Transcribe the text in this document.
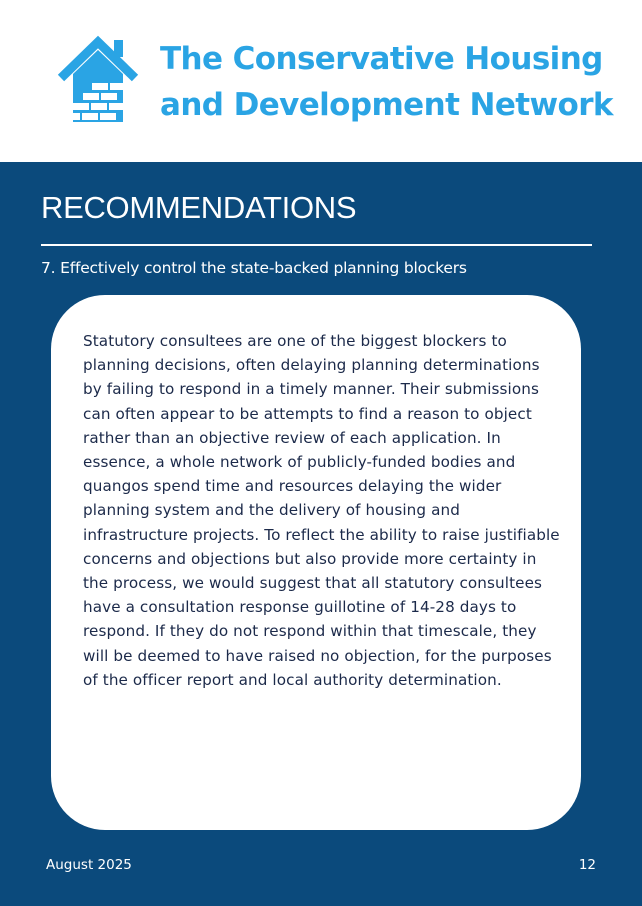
The Conservative Housing
and Development Network
RECOMMENDATIONS
7. Effectively control the state-backed planning blockers
Statutory consultees are one of the biggest blockers to planning decisions, often delaying planning determinations by failing to respond in a timely manner. Their submissions can often appear to be attempts to find a reason to object rather than an objective review of each application. In essence, a whole network of publicly-funded bodies and quangos spend time and resources delaying the wider planning system and the delivery of housing and infrastructure projects. To reflect the ability to raise justifiable concerns and objections but also provide more certainty in the process, we would suggest that all statutory consultees have a consultation response guillotine of 14-28 days to respond. If they do not respond within that timescale, they will be deemed to have raised no objection, for the purposes of the officer report and local authority determination.
August 2025	12
